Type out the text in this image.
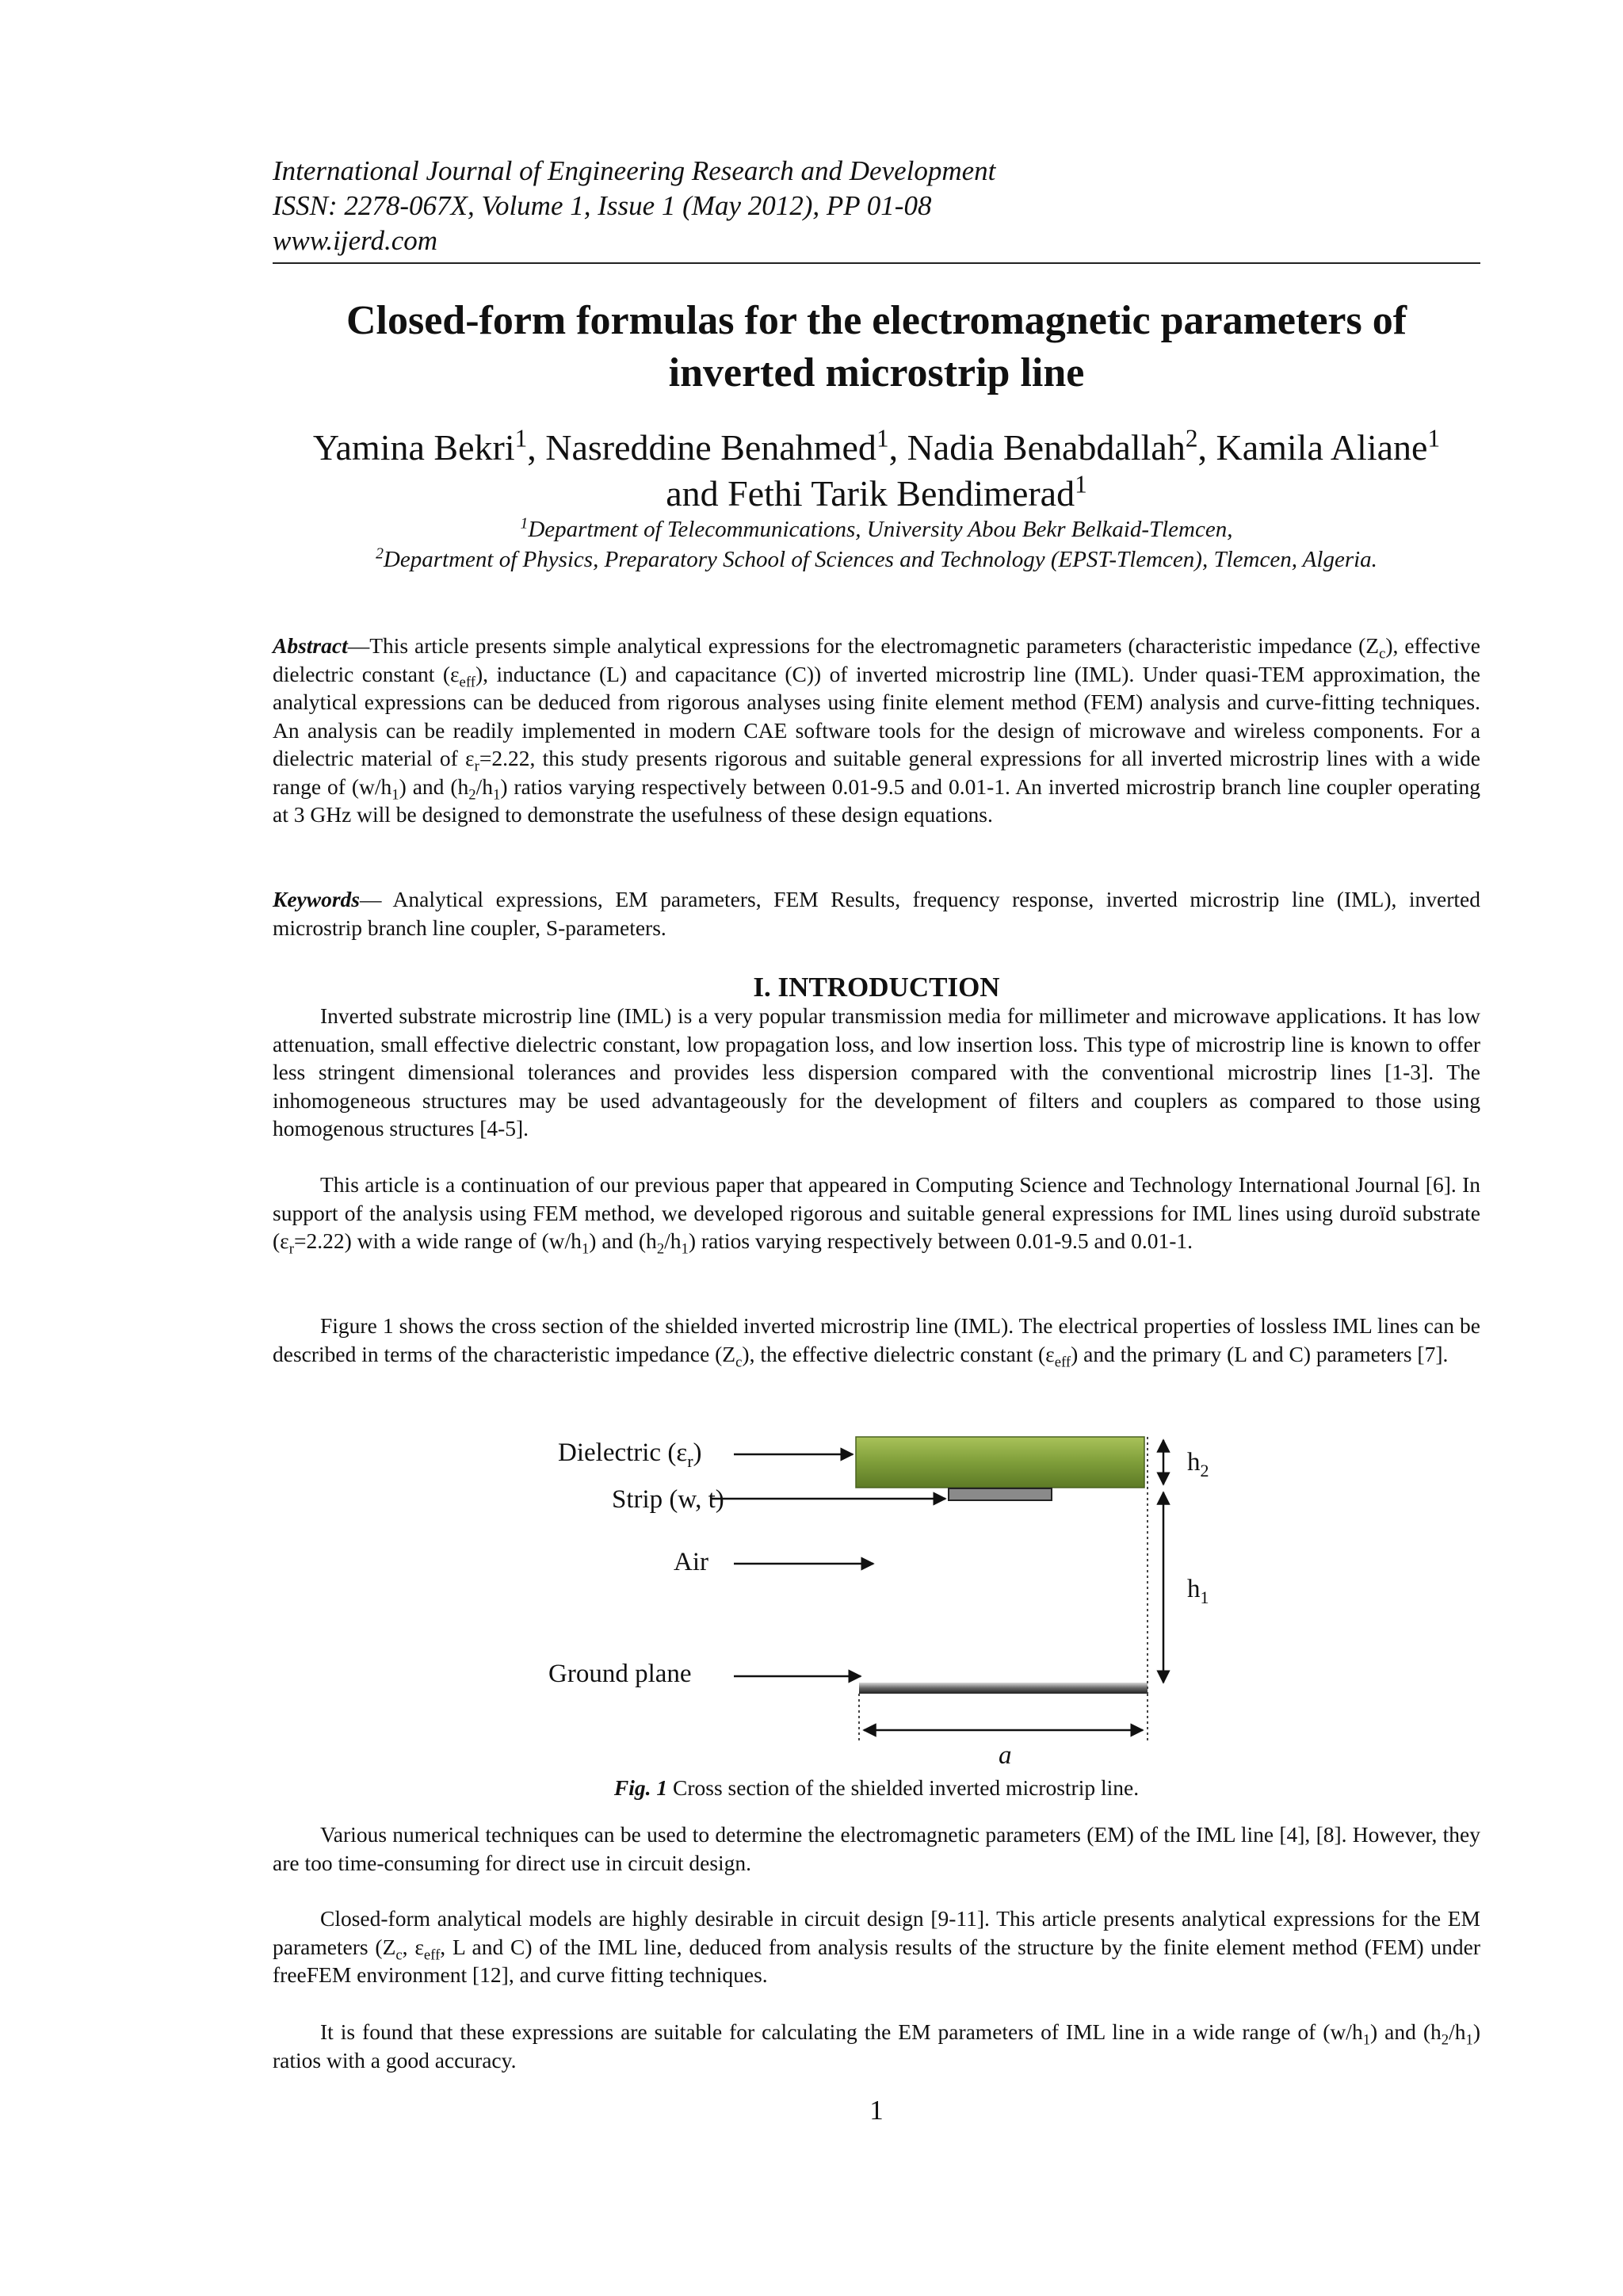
International Journal of Engineering Research and Development
ISSN: 2278-067X, Volume 1, Issue 1 (May 2012), PP 01-08
www.ijerd.com
Closed-form formulas for the electromagnetic parameters of
inverted microstrip line
Yamina Bekri$^1$, Nasreddine Benahmed$^1$, Nadia Benabdallah$^2$, Kamila Aliane$^1$
and Fethi Tarik Bendimerad$^1$
$^1$Department of Telecommunications, University Abou Bekr Belkaid-Tlemcen,
$^2$Department of Physics, Preparatory School of Sciences and Technology (EPST-Tlemcen), Tlemcen, Algeria.

Abstract—This article presents simple analytical expressions for the electromagnetic parameters (characteristic impedance $(Z_c)$, effective dielectric constant $(\varepsilon_{eff})$, inductance (L) and capacitance (C)) of inverted microstrip line (IML). Under quasi-TEM approximation, the analytical expressions can be deduced from rigorous analyses using finite element method (FEM) analysis and curve-fitting techniques. An analysis can be readily implemented in modern CAE software tools for the design of microwave and wireless components. For a dielectric material of $\varepsilon_r=2.22$, this study presents rigorous and suitable general expressions for all inverted microstrip lines with a wide range of $(w/h_1)$ and $(h_2/h_1)$ ratios varying respectively between 0.01-9.5 and 0.01-1. An inverted microstrip branch line coupler operating at 3 GHz will be designed to demonstrate the usefulness of these design equations.

Keywords— Analytical expressions, EM parameters, FEM Results, frequency response, inverted microstrip line (IML), inverted microstrip branch line coupler, S-parameters.

I. INTRODUCTION

Inverted substrate microstrip line (IML) is a very popular transmission media for millimeter and microwave applications. It has low attenuation, small effective dielectric constant, low propagation loss, and low insertion loss. This type of microstrip line is known to offer less stringent dimensional tolerances and provides less dispersion compared with the conventional microstrip lines [1-3]. The inhomogeneous structures may be used advantageously for the development of filters and couplers as compared to those using homogenous structures [4-5].

This article is a continuation of our previous paper that appeared in Computing Science and Technology International Journal [6]. In support of the analysis using FEM method, we developed rigorous and suitable general expressions for IML lines using duroïd substrate $(\varepsilon_r=2.22)$ with a wide range of $(w/h_1)$ and $(h_2/h_1)$ ratios varying respectively between 0.01-9.5 and 0.01-1.

Figure 1 shows the cross section of the shielded inverted microstrip line (IML). The electrical properties of lossless IML lines can be described in terms of the characteristic impedance $(Z_c)$, the effective dielectric constant $(\varepsilon_{eff})$ and the primary (L and C) parameters [7].

Dielectric $(\varepsilon_r)$
Strip (w, t)
Air
Ground plane
$h_2$
$h_1$
a
Fig. 1 Cross section of the shielded inverted microstrip line.

Various numerical techniques can be used to determine the electromagnetic parameters (EM) of the IML line [4], [8]. However, they are too time-consuming for direct use in circuit design.

Closed-form analytical models are highly desirable in circuit design [9-11]. This article presents analytical expressions for the EM parameters ($Z_c$, $\varepsilon_{eff}$, L and C) of the IML line, deduced from analysis results of the structure by the finite element method (FEM) under freeFEM environment [12], and curve fitting techniques.

It is found that these expressions are suitable for calculating the EM parameters of IML line in a wide range of $(w/h_1)$ and $(h_2/h_1)$ ratios with a good accuracy.

1
